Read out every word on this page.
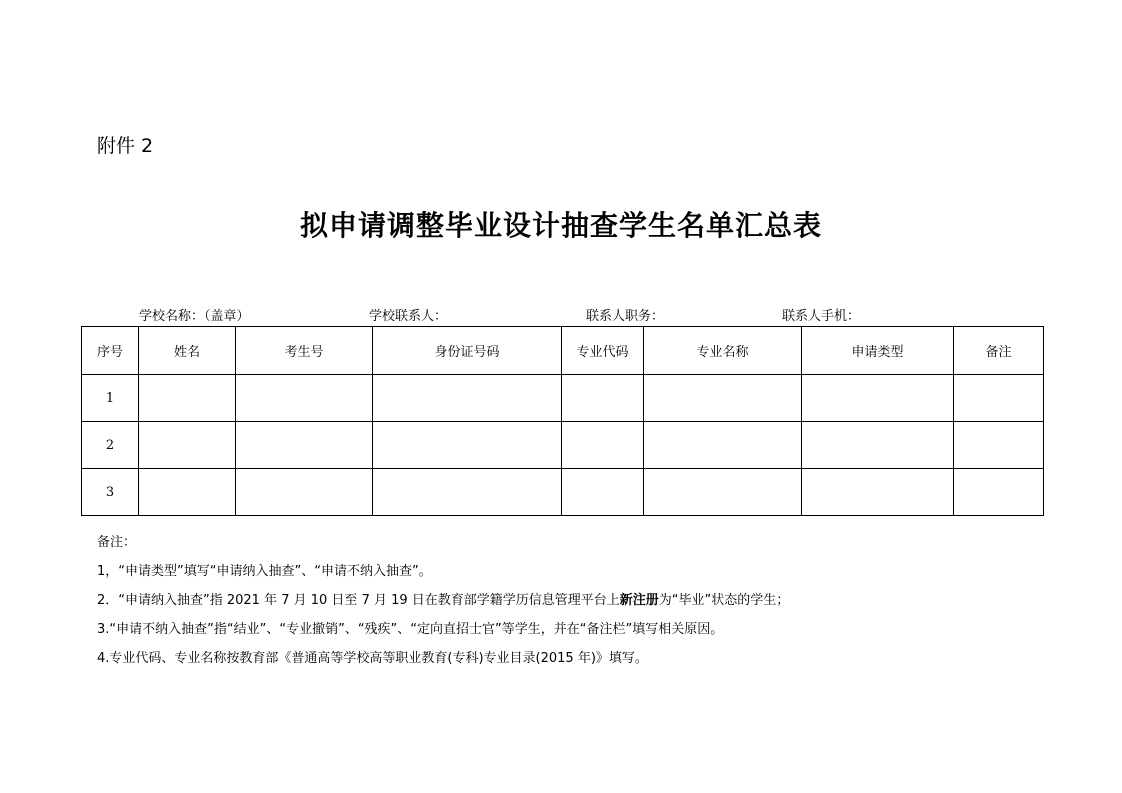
附件 2
拟申请调整毕业设计抽查学生名单汇总表
学校名称：（盖章）	学校联系人：	联系人职务：	联系人手机：
序号	姓名	考生号	身份证号码	专业代码	专业名称	申请类型	备注
1							
2							
3							
备注：
1，“申请类型”填写“申请纳入抽查”、“申请不纳入抽查”。
2．“申请纳入抽查”指 2021 年 7 月 10 日至 7 月 19 日在教育部学籍学历信息管理平台上新注册为“毕业”状态的学生；
3.“申请不纳入抽查”指“结业”、“专业撤销”、“残疾”、“定向直招士官”等学生，并在“备注栏”填写相关原因。
4.专业代码、专业名称按教育部《普通高等学校高等职业教育(专科)专业目录(2015 年)》填写。
